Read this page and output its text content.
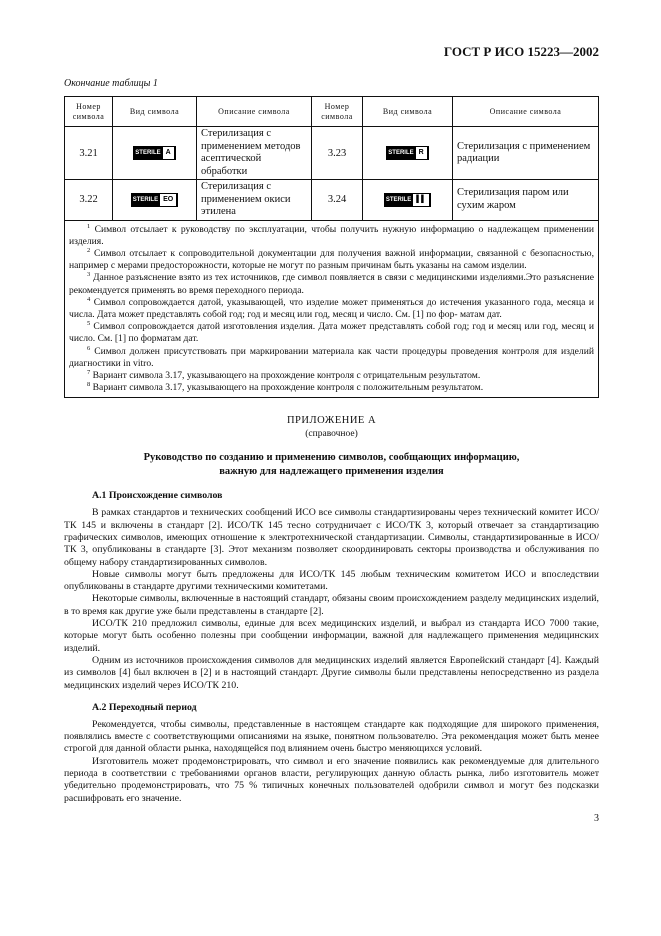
ГОСТ Р ИСО 15223—2002
Окончание таблицы 1
Номер символа	Вид символа	Описание символа	Номер символа	Вид символа	Описание символа
3.21	STERILE A	Стерилизация с применением методов асептической обработки	3.23	STERILE R	Стерилизация с применением радиации
3.22	STERILE EO	Стерилизация с применением окиси этилена	3.24	STERILE ▌▌	Стерилизация паром или сухим жаром

$^1$ Символ отсылает к руководству по эксплуатации, чтобы получить нужную информацию о надлежащем применении изделия.

$^2$ Символ отсылает к сопроводительной документации для получения важной информации, связанной с безопасностью, например с мерами предосторожности, которые не могут по разным причинам быть указаны на самом изделии.

$^3$ Данное разъяснение взято из тех источников, где символ появляется в связи с медицинскими изделиями.Это разъяснение рекомендуется применять во время переходного периода.

$^4$ Символ сопровождается датой, указывающей, что изделие может применяться до истечения указанного года, месяца и числа. Дата может представлять собой год; год и месяц или год, месяц и число. См. [1] по фор- матам дат.

$^5$ Символ сопровождается датой изготовления изделия. Дата может представлять собой год; год и месяц или год, месяц и число. См. [1] по форматам дат.

$^6$ Символ должен присутствовать при маркировании материала как части процедуры проведения контроля для изделий диагностики in vitro.

$^7$ Вариант символа 3.17, указывающего на прохождение контроля с отрицательным результатом.

$^8$ Вариант символа 3.17, указывающего на прохождение контроля с положительным результатом.

ПРИЛОЖЕНИЕ А
(справочное)
Руководство по созданию и применению символов, сообщающих информацию,
важную для надлежащего применения изделия
А.1 Происхождение символов

В рамках стандартов и технических сообщений ИСО все символы стандартизированы через технический комитет ИСО/ТК 145 и включены в стандарт [2]. ИСО/ТК 145 тесно сотрудничает с ИСО/ТК 3, который отвечает за стандартизацию графических символов, имеющих отношение к электротехнической стандартизации. Символы, стандартизированные в ИСО/ТК 3, опубликованы в стандарте [3]. Этот механизм позволяет скоординировать секторы производства и обслуживания по общему набору стандартизированных символов.

Новые символы могут быть предложены для ИСО/ТК 145 любым техническим комитетом ИСО и впоследствии опубликованы в стандарте другими техническими комитетами.

Некоторые символы, включенные в настоящий стандарт, обязаны своим происхождением разделу медицинских изделий, в то время как другие уже были представлены в стандарте [2].

ИСО/ТК 210 предложил символы, единые для всех медицинских изделий, и выбрал из стандарта ИСО 7000 такие, которые могут быть особенно полезны при сообщении информации, важной для надлежащего применения медицинских изделий.

Одним из источников происхождения символов для медицинских изделий является Европейский стандарт [4]. Каждый из символов [4] был включен в [2] и в настоящий стандарт. Другие символы были представлены непосредственно из раздела медицинских изделий через ИСО/ТК 210.

А.2 Переходный период

Рекомендуется, чтобы символы, представленные в настоящем стандарте как подходящие для широкого применения, появлялись вместе с соответствующими описаниями на языке, понятном пользователю. Эта рекомендация может быть менее строгой для данной области рынка, находящейся под влиянием очень быстро меняющихся условий.

Изготовитель может продемонстрировать, что символ и его значение появились как рекомендуемые для длительного периода в соответствии с требованиями органов власти, регулирующих данную область рынка, либо изготовитель может убедительно продемонстрировать, что 75 % типичных конечных пользователей одобрили символ и могут без подсказки расшифровать его значение.

3
